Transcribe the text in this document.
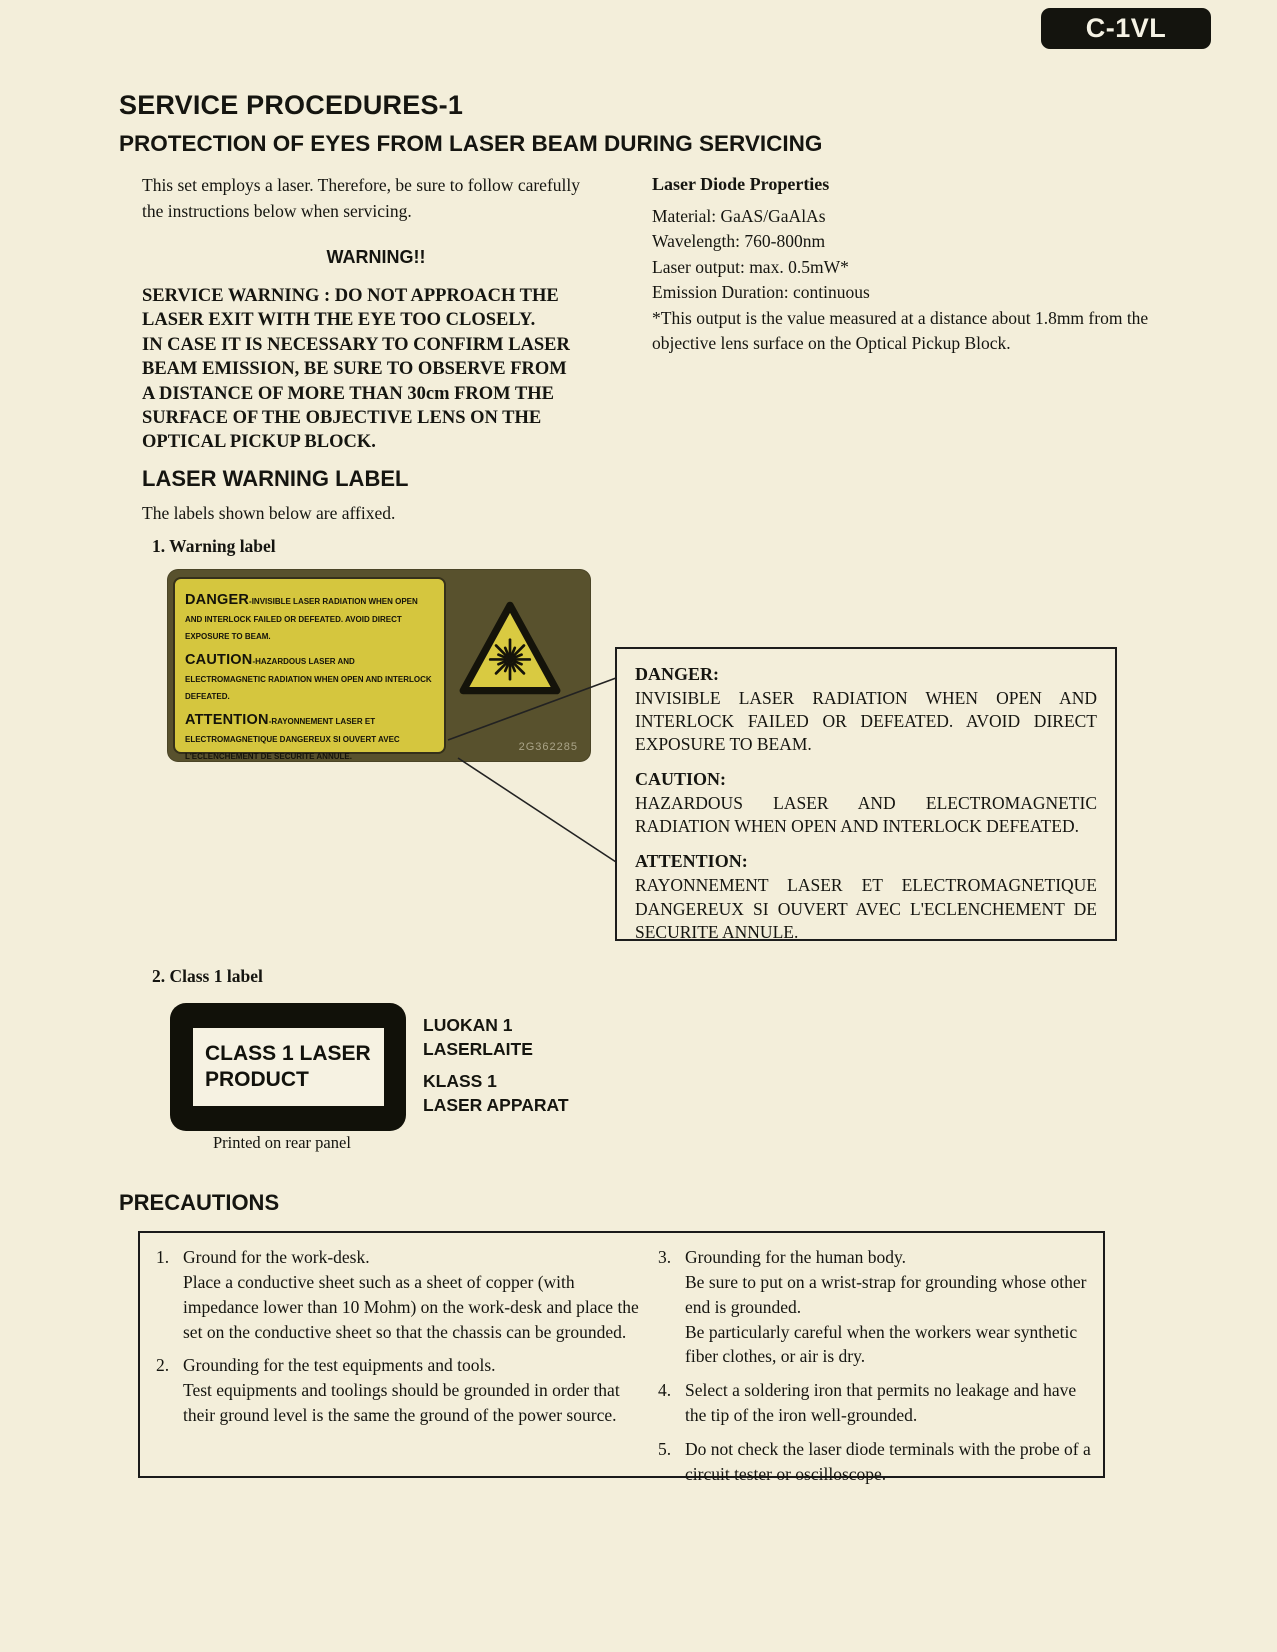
C-1VL
SERVICE PROCEDURES-1
PROTECTION OF EYES FROM LASER BEAM DURING SERVICING
This set employs a laser. Therefore, be sure to follow carefully the instructions below when servicing.
WARNING!!
SERVICE WARNING : DO NOT APPROACH THE
LASER EXIT WITH THE EYE TOO CLOSELY.
IN CASE IT IS NECESSARY TO CONFIRM LASER
BEAM EMISSION, BE SURE TO OBSERVE FROM
A DISTANCE OF MORE THAN 30cm FROM THE
SURFACE OF THE OBJECTIVE LENS ON THE
OPTICAL PICKUP BLOCK.
Laser Diode Properties
Material: GaAS/GaAlAs
Wavelength: 760-800nm
Laser output: max. 0.5mW*
Emission Duration: continuous
*This output is the value measured at a distance about 1.8mm from the objective lens surface on the Optical Pickup Block.
LASER WARNING LABEL
The labels shown below are affixed.
1. Warning label
DANGER-INVISIBLE LASER RADIATION WHEN OPEN AND INTERLOCK FAILED OR DEFEATED. AVOID DIRECT EXPOSURE TO BEAM.
CAUTION-HAZARDOUS LASER AND ELECTROMAGNETIC RADIATION WHEN OPEN AND INTERLOCK DEFEATED.
ATTENTION-RAYONNEMENT LASER ET ELECTROMAGNETIQUE DANGEREUX SI OUVERT AVEC L'ECLENCHEMENT DE SECURITE ANNULE.
2G362285
DANGER:
INVISIBLE LASER RADIATION WHEN OPEN AND INTERLOCK FAILED OR DEFEATED. AVOID DIRECT EXPOSURE TO BEAM.
CAUTION:
HAZARDOUS LASER AND ELECTROMAGNETIC RADIATION WHEN OPEN AND INTERLOCK DEFEATED.
ATTENTION:
RAYONNEMENT LASER ET ELECTROMAGNETIQUE DANGEREUX SI OUVERT AVEC L'ECLENCHEMENT DE SECURITE ANNULE.
2. Class 1 label
CLASS 1 LASER
PRODUCT
LUOKAN 1
LASERLAITE
KLASS 1
LASER APPARAT
Printed on rear panel
PRECAUTIONS
1. Ground for the work-desk.
Place a conductive sheet such as a sheet of copper (with impedance lower than 10 Mohm) on the work-desk and place the set on the conductive sheet so that the chassis can be grounded.
2. Grounding for the test equipments and tools.
Test equipments and toolings should be grounded in order that their ground level is the same the ground of the power source.
3. Grounding for the human body.
Be sure to put on a wrist-strap for grounding whose other end is grounded.
Be particularly careful when the workers wear synthetic fiber clothes, or air is dry.
4. Select a soldering iron that permits no leakage and have the tip of the iron well-grounded.
5. Do not check the laser diode terminals with the probe of a circuit tester or oscilloscope.
